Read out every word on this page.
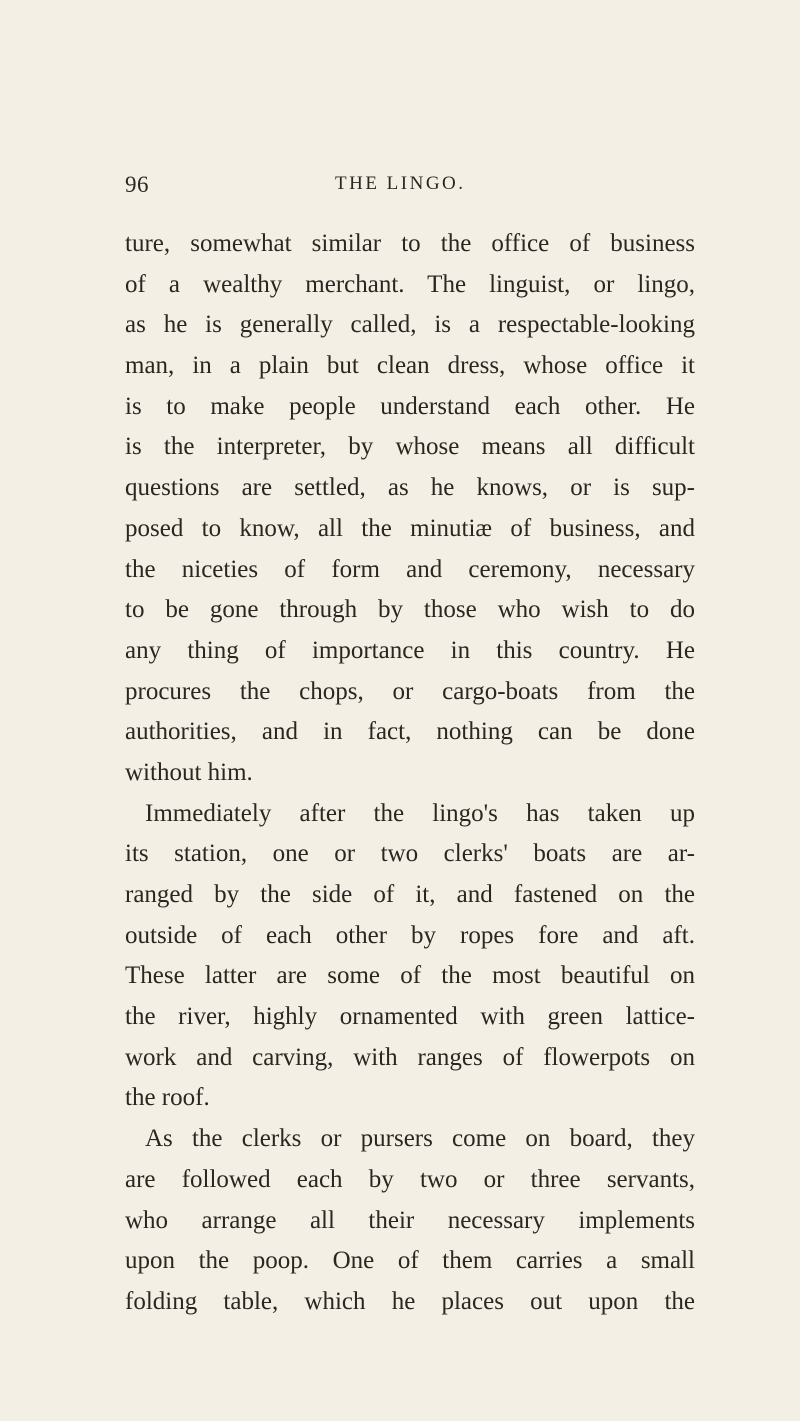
96	THE LINGO.
ture, somewhat similar to the office of business
of a wealthy merchant. The linguist, or lingo,
as he is generally called, is a respectable-looking
man, in a plain but clean dress, whose office it
is to make people understand each other. He
is the interpreter, by whose means all difficult
questions are settled, as he knows, or is sup-
posed to know, all the minutiæ of business, and
the niceties of form and ceremony, necessary
to be gone through by those who wish to do
any thing of importance in this country. He
procures the chops, or cargo-boats from the
authorities, and in fact, nothing can be done
without him.
Immediately after the lingo's has taken up
its station, one or two clerks' boats are ar-
ranged by the side of it, and fastened on the
outside of each other by ropes fore and aft.
These latter are some of the most beautiful on
the river, highly ornamented with green lattice-
work and carving, with ranges of flowerpots on
the roof.
As the clerks or pursers come on board, they
are followed each by two or three servants,
who arrange all their necessary implements
upon the poop. One of them carries a small
folding table, which he places out upon the
